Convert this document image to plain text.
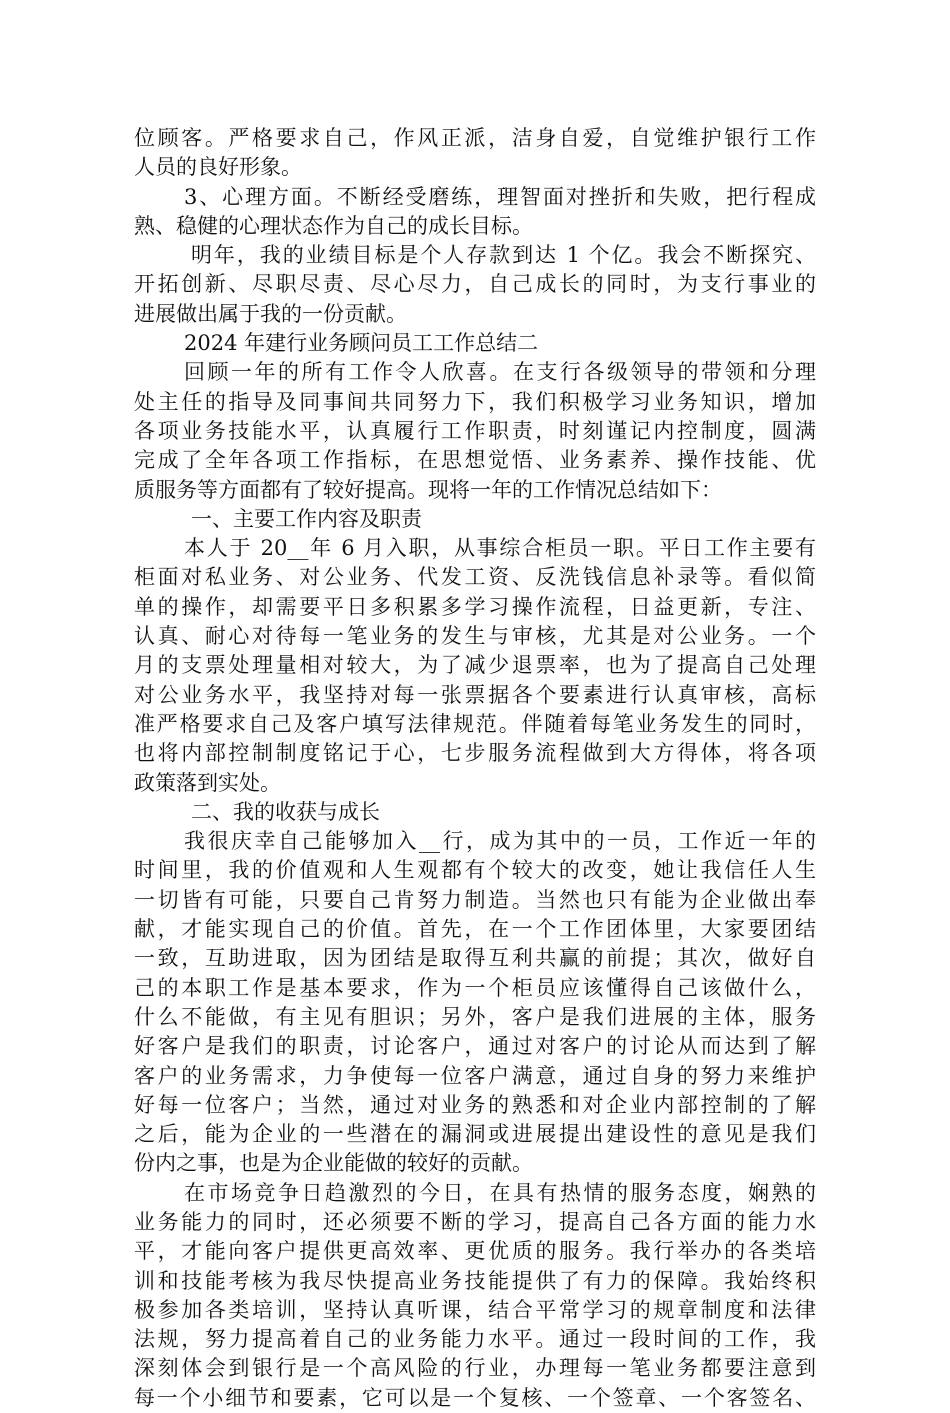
位顾客。严格要求自己，作风正派，洁身自爱，自觉维护银行工作
人员的良好形象。
3、心理方面。不断经受磨练，理智面对挫折和失败，把行程成
熟、稳健的心理状态作为自己的成长目标。
明年，我的业绩目标是个人存款到达 1 个亿。我会不断探究、
开拓创新、尽职尽责、尽心尽力，自己成长的同时，为支行事业的
进展做出属于我的一份贡献。
2024 年建行业务顾问员工工作总结二
回顾一年的所有工作令人欣喜。在支行各级领导的带领和分理
处主任的指导及同事间共同努力下，我们积极学习业务知识，增加
各项业务技能水平，认真履行工作职责，时刻谨记内控制度，圆满
完成了全年各项工作指标，在思想觉悟、业务素养、操作技能、优
质服务等方面都有了较好提高。现将一年的工作情况总结如下：
一、主要工作内容及职责
本人于 20__年 6 月入职，从事综合柜员一职。平日工作主要有
柜面对私业务、对公业务、代发工资、反洗钱信息补录等。看似简
单的操作，却需要平日多积累多学习操作流程，日益更新，专注、
认真、耐心对待每一笔业务的发生与审核，尤其是对公业务。一个
月的支票处理量相对较大，为了减少退票率，也为了提高自己处理
对公业务水平，我坚持对每一张票据各个要素进行认真审核，高标
准严格要求自己及客户填写法律规范。伴随着每笔业务发生的同时，
也将内部控制制度铭记于心，七步服务流程做到大方得体，将各项
政策落到实处。
二、我的收获与成长
我很庆幸自己能够加入__行，成为其中的一员，工作近一年的
时间里，我的价值观和人生观都有个较大的改变，她让我信任人生
一切皆有可能，只要自己肯努力制造。当然也只有能为企业做出奉
献，才能实现自己的价值。首先，在一个工作团体里，大家要团结
一致，互助进取，因为团结是取得互利共赢的前提；其次，做好自
己的本职工作是基本要求，作为一个柜员应该懂得自己该做什么，
什么不能做，有主见有胆识；另外，客户是我们进展的主体，服务
好客户是我们的职责，讨论客户，通过对客户的讨论从而达到了解
客户的业务需求，力争使每一位客户满意，通过自身的努力来维护
好每一位客户；当然，通过对业务的熟悉和对企业内部控制的了解
之后，能为企业的一些潜在的漏洞或进展提出建设性的意见是我们
份内之事，也是为企业能做的较好的贡献。
在市场竞争日趋激烈的今日，在具有热情的服务态度，娴熟的
业务能力的同时，还必须要不断的学习，提高自己各方面的能力水
平，才能向客户提供更高效率、更优质的服务。我行举办的各类培
训和技能考核为我尽快提高业务技能提供了有力的保障。我始终积
极参加各类培训，坚持认真听课，结合平常学习的规章制度和法律
法规，努力提高着自己的业务能力水平。通过一段时间的工作，我
深刻体会到银行是一个高风险的行业，办理每一笔业务都要注意到
每一个小细节和要素，它可以是一个复核、一个签章、一个客签名、
